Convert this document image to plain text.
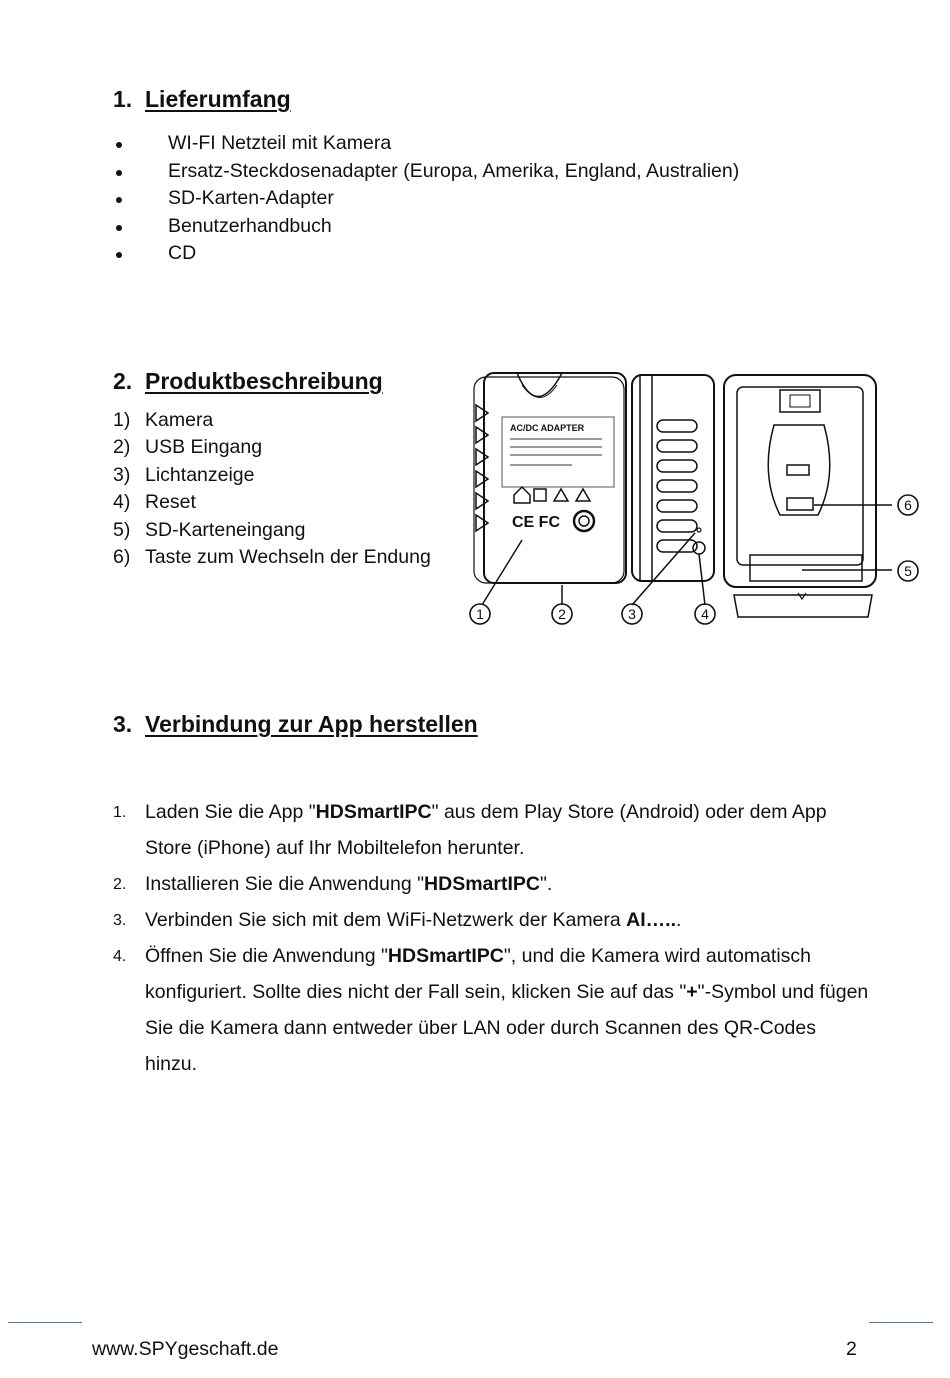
1. Lieferumfang
WI-FI Netzteil mit Kamera
Ersatz-Steckdosenadapter (Europa, Amerika, England, Australien)
SD-Karten-Adapter
Benutzerhandbuch
CD
2. Produktbeschreibung
1) Kamera
2) USB Eingang
3) Lichtanzeige
4) Reset
5) SD-Karteneingang
6) Taste zum Wechseln der Endung
AC/DC ADAPTER
CE FC
1	2	3	4
5
6
3. Verbindung zur App herstellen
1. Laden Sie die App "HDSmartIPC" aus dem Play Store (Android) oder dem App Store (iPhone) auf Ihr Mobiltelefon herunter.
2. Installieren Sie die Anwendung "HDSmartIPC".
3. Verbinden Sie sich mit dem WiFi-Netzwerk der Kamera AI…...
4. Öffnen Sie die Anwendung "HDSmartIPC", und die Kamera wird automatisch konfiguriert. Sollte dies nicht der Fall sein, klicken Sie auf das "+"-Symbol und fügen Sie die Kamera dann entweder über LAN oder durch Scannen des QR-Codes hinzu.
www.SPYgeschaft.de	2
